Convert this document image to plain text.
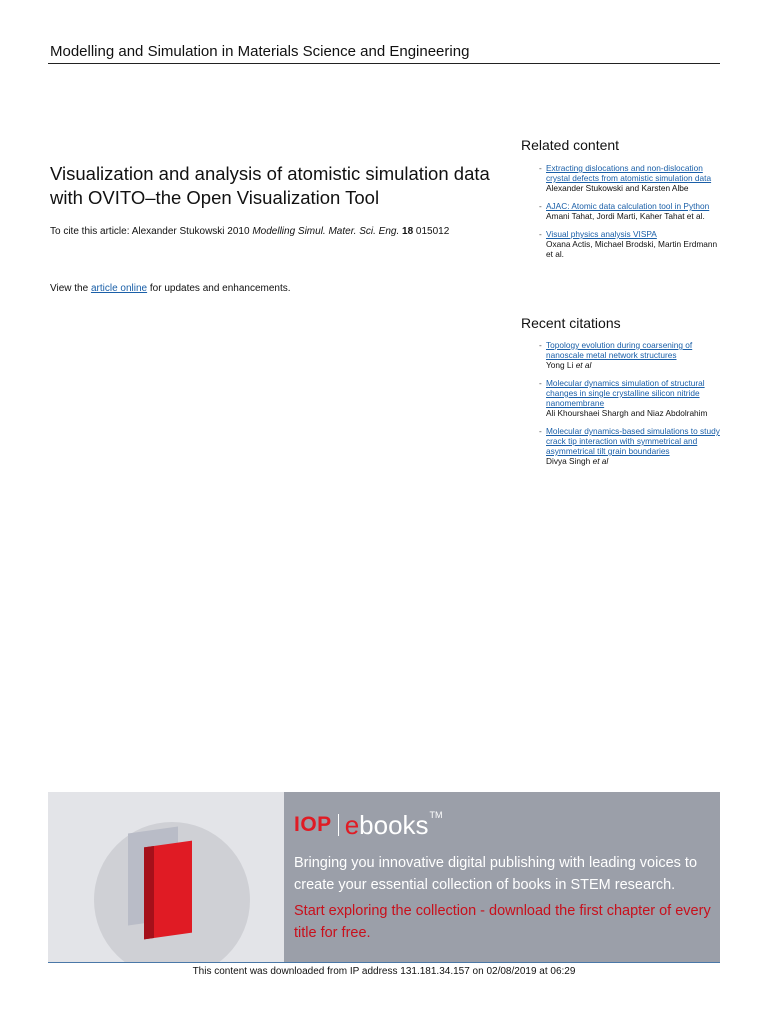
Modelling and Simulation in Materials Science and Engineering
Visualization and analysis of atomistic simulation data with OVITO–the Open Visualization Tool
To cite this article: Alexander Stukowski 2010 Modelling Simul. Mater. Sci. Eng. 18 015012
View the article online for updates and enhancements.
Related content
- Extracting dislocations and non-dislocation crystal defects from atomistic simulation data
Alexander Stukowski and Karsten Albe
- AJAC: Atomic data calculation tool in Python
Amani Tahat, Jordi Marti, Kaher Tahat et al.
- Visual physics analysis VISPA
Oxana Actis, Michael Brodski, Martin Erdmann et al.
Recent citations
- Topology evolution during coarsening of nanoscale metal network structures
Yong Li et al
- Molecular dynamics simulation of structural changes in single crystalline silicon nitride nanomembrane
Ali Khourshaei Shargh and Niaz Abdolrahim
- Molecular dynamics-based simulations to study crack tip interaction with symmetrical and asymmetrical tilt grain boundaries
Divya Singh et al
IOP e books TM
Bringing you innovative digital publishing with leading voices to create your essential collection of books in STEM research.
Start exploring the collection - download the first chapter of every title for free.
This content was downloaded from IP address 131.181.34.157 on 02/08/2019 at 06:29
